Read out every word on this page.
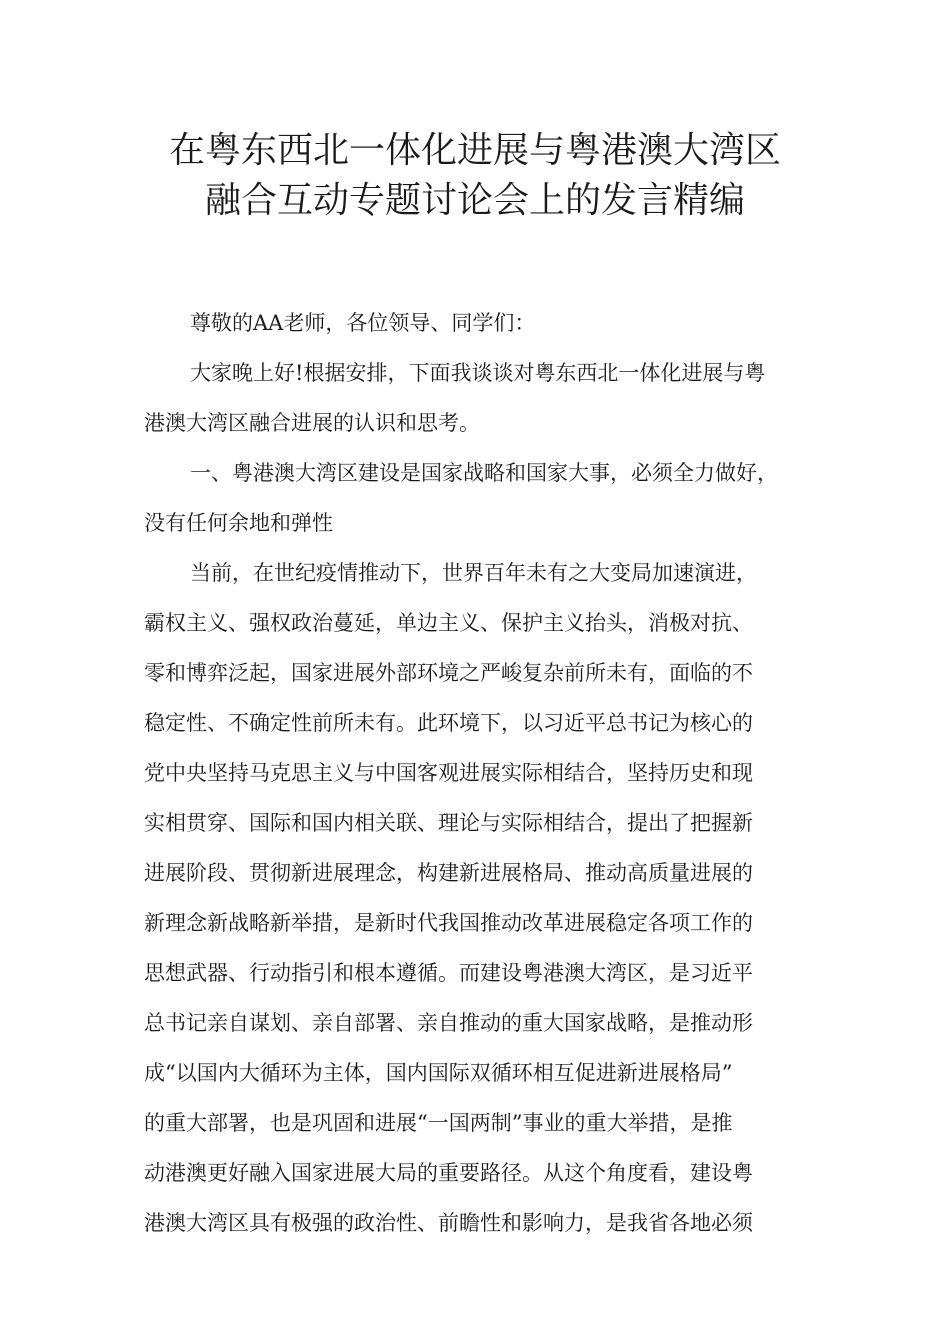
在粤东西北一体化进展与粤港澳大湾区
融合互动专题讨论会上的发言精编

尊敬的AA老师，各位领导、同学们：

大家晚上好!根据安排，下面我谈谈对粤东西北一体化进展与粤
港澳大湾区融合进展的认识和思考。

一、粤港澳大湾区建设是国家战略和国家大事，必须全力做好，
没有任何余地和弹性

当前，在世纪疫情推动下，世界百年未有之大变局加速演进，
霸权主义、强权政治蔓延，单边主义、保护主义抬头，消极对抗、
零和博弈泛起，国家进展外部环境之严峻复杂前所未有，面临的不
稳定性、不确定性前所未有。此环境下，以习近平总书记为核心的
党中央坚持马克思主义与中国客观进展实际相结合，坚持历史和现
实相贯穿、国际和国内相关联、理论与实际相结合，提出了把握新
进展阶段、贯彻新进展理念，构建新进展格局、推动高质量进展的
新理念新战略新举措，是新时代我国推动改革进展稳定各项工作的
思想武器、行动指引和根本遵循。而建设粤港澳大湾区，是习近平
总书记亲自谋划、亲自部署、亲自推动的重大国家战略，是推动形
成“以国内大循环为主体，国内国际双循环相互促进新进展格局”
的重大部署，也是巩固和进展“一国两制”事业的重大举措，是推
动港澳更好融入国家进展大局的重要路径。从这个角度看，建设粤
港澳大湾区具有极强的政治性、前瞻性和影响力，是我省各地必须
